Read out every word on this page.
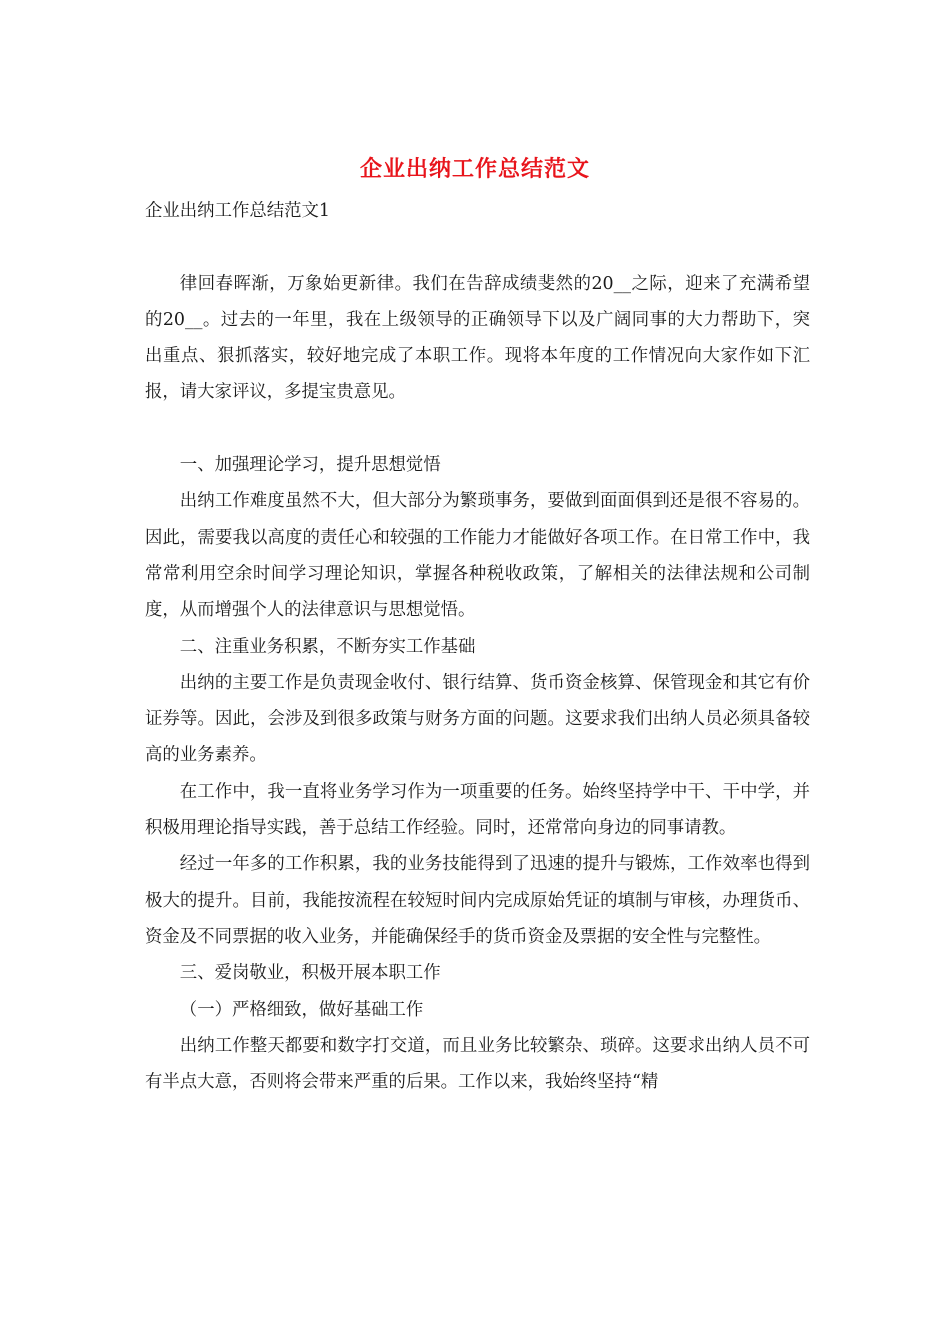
企业出纳工作总结范文

企业出纳工作总结范文1

律回春晖渐，万象始更新律。我们在告辞成绩斐然的20__之际，迎来了充满希望的20__。过去的一年里，我在上级领导的正确领导下以及广阔同事的大力帮助下，突出重点、狠抓落实，较好地完成了本职工作。现将本年度的工作情况向大家作如下汇报，请大家评议，多提宝贵意见。

一、加强理论学习，提升思想觉悟

出纳工作难度虽然不大，但大部分为繁琐事务，要做到面面俱到还是很不容易的。因此，需要我以高度的责任心和较强的工作能力才能做好各项工作。在日常工作中，我常常利用空余时间学习理论知识，掌握各种税收政策，了解相关的法律法规和公司制度，从而增强个人的法律意识与思想觉悟。

二、注重业务积累，不断夯实工作基础

出纳的主要工作是负责现金收付、银行结算、货币资金核算、保管现金和其它有价证券等。因此，会涉及到很多政策与财务方面的问题。这要求我们出纳人员必须具备较高的业务素养。

在工作中，我一直将业务学习作为一项重要的任务。始终坚持学中干、干中学，并积极用理论指导实践，善于总结工作经验。同时，还常常向身边的同事请教。

经过一年多的工作积累，我的业务技能得到了迅速的提升与锻炼，工作效率也得到极大的提升。目前，我能按流程在较短时间内完成原始凭证的填制与审核，办理货币、资金及不同票据的收入业务，并能确保经手的货币资金及票据的安全性与完整性。

三、爱岗敬业，积极开展本职工作

（一）严格细致，做好基础工作

出纳工作整天都要和数字打交道，而且业务比较繁杂、琐碎。这要求出纳人员不可有半点大意，否则将会带来严重的后果。工作以来，我始终坚持“精
